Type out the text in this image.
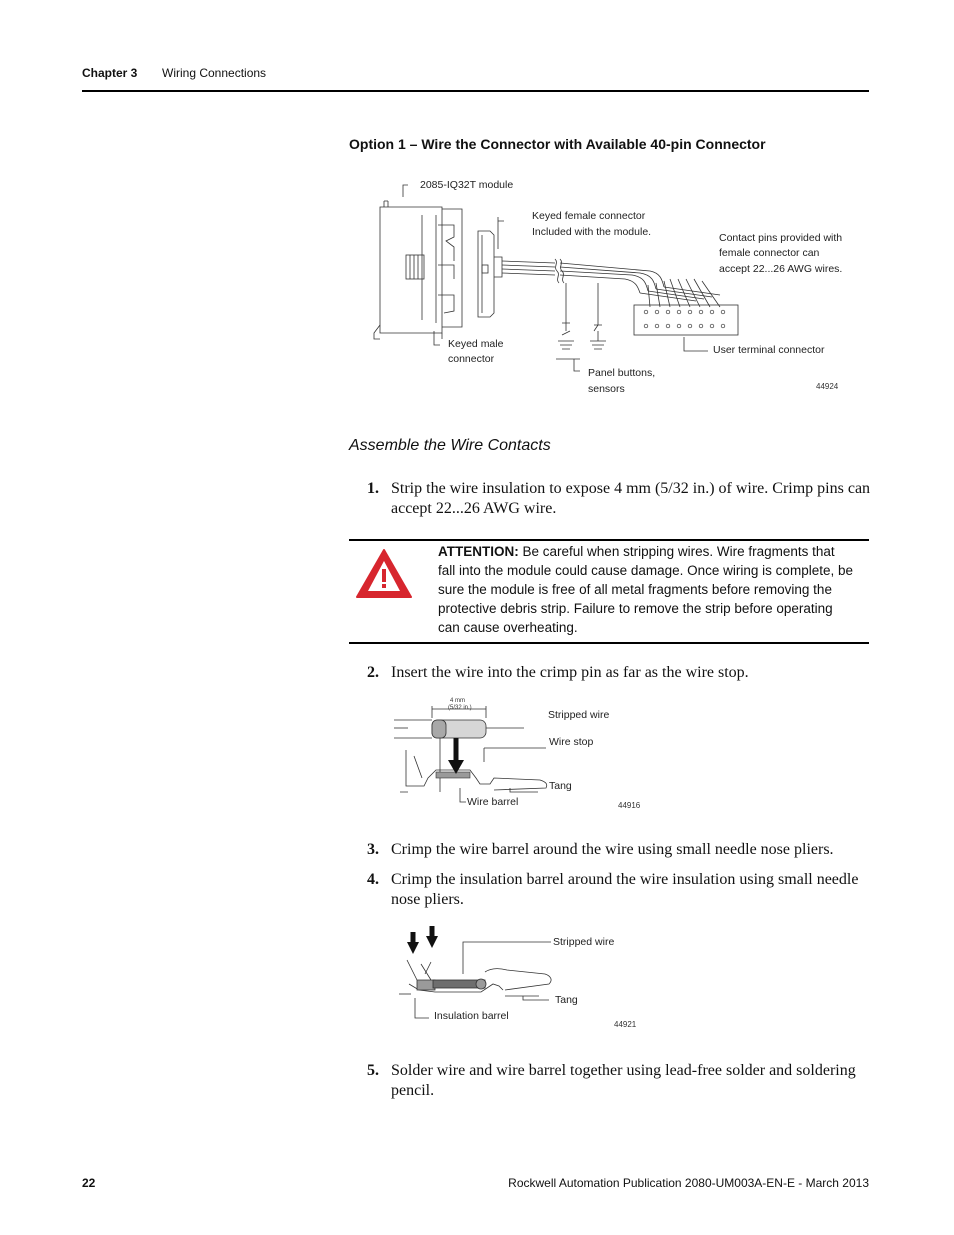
Chapter 3 Wiring Connections
Option 1 – Wire the Connector with Available 40-pin Connector
2085-IQ32T module
Keyed female connector
Included with the module.	Contact pins provided with
female connector can
accept 22...26 AWG wires.
Keyed male
connector
User terminal connector
Panel buttons,
sensors	44924
Assemble the Wire Contacts
1. Strip the wire insulation to expose 4 mm (5/32 in.) of wire. Crimp pins can accept 22...26 AWG wire.
ATTENTION: Be careful when stripping wires. Wire fragments that fall into the module could cause damage. Once wiring is complete, be sure the module is free of all metal fragments before removing the protective debris strip. Failure to remove the strip before operating can cause overheating.
2. Insert the wire into the crimp pin as far as the wire stop.
4 mm
(5/32 in.)
Stripped wire
Wire stop
Tang
Wire barrel	44916
3. Crimp the wire barrel around the wire using small needle nose pliers.
4. Crimp the insulation barrel around the wire insulation using small needle nose pliers.
Stripped wire
Tang
Insulation barrel
44921
5. Solder wire and wire barrel together using lead-free solder and soldering pencil.
22	Rockwell Automation Publication 2080-UM003A-EN-E - March 2013
